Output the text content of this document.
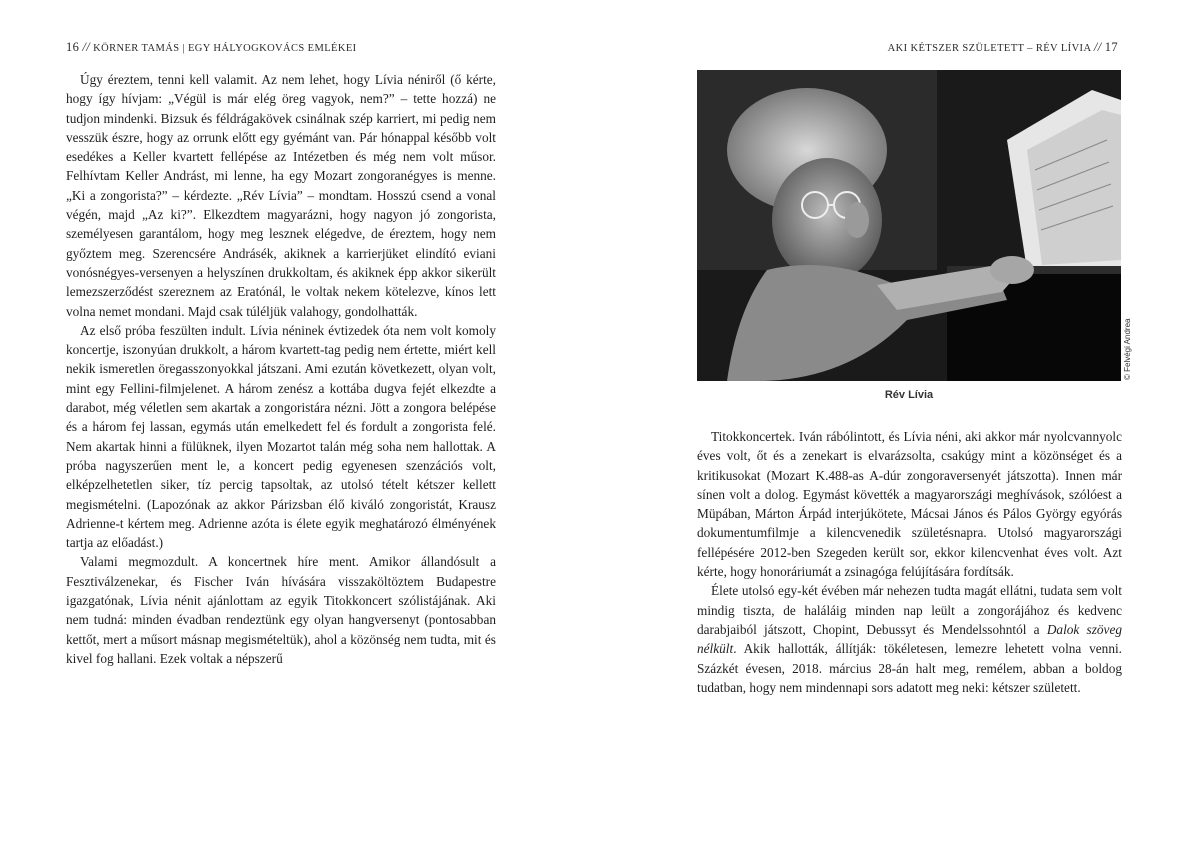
16 // KÖRNER TAMÁS | EGY HÁLYOGKOVÁCS EMLÉKEI

Úgy éreztem, tenni kell valamit. Az nem lehet, hogy Lívia néniről (ő kérte, hogy így hívjam: „Végül is már elég öreg vagyok, nem?” – tette hozzá) ne tudjon mindenki. Bizsuk és féldrágakövek csinálnak szép karriert, mi pedig nem vesszük észre, hogy az orrunk előtt egy gyémánt van. Pár hónappal később volt esedékes a Keller kvartett fellépése az Intézetben és még nem volt műsor. Felhívtam Keller Andrást, mi lenne, ha egy Mozart zongoranégyes is menne. „Ki a zongorista?” – kérdezte. „Rév Lívia” – mondtam. Hosszú csend a vonal végén, majd „Az ki?”. Elkezdtem magyarázni, hogy nagyon jó zongorista, személyesen garantálom, hogy meg lesznek elégedve, de éreztem, hogy nem győztem meg. Szerencsére Andrásék, akiknek a karrierjüket elindító eviani vonósnégyes-versenyen a helyszínen drukkoltam, és akiknek épp akkor sikerült lemezszerződést szereznem az Eratónál, le voltak nekem kötelezve, kínos lett volna nemet mondani. Majd csak túléljük valahogy, gondolhatták.

Az első próba feszülten indult. Lívia néninek évtizedek óta nem volt komoly koncertje, iszonyúan drukkolt, a három kvartett-tag pedig nem értette, miért kell nekik ismeretlen öregasszonyokkal játszani. Ami ezután következett, olyan volt, mint egy Fellini-filmjelenet. A három zenész a kottába dugva fejét elkezdte a darabot, még véletlen sem akartak a zongoristára nézni. Jött a zongora belépése és a három fej lassan, egymás után emelkedett fel és fordult a zongorista felé. Nem akartak hinni a fülüknek, ilyen Mozartot talán még soha nem hallottak. A próba nagyszerűen ment le, a koncert pedig egyenesen szenzációs volt, elképzelhetetlen siker, tíz percig tapsoltak, az utolsó tételt kétszer kellett megismételni. (Lapozónak az akkor Párizsban élő kiváló zongoristát, Krausz Adrienne-t kértem meg. Adrienne azóta is élete egyik meghatározó élményének tartja az előadást.)

Valami megmozdult. A koncertnek híre ment. Amikor állandósult a Fesztiválzenekar, és Fischer Iván hívására visszaköltöztem Budapestre igazgatónak, Lívia nénit ajánlottam az egyik Titokkoncert szólistájának. Aki nem tudná: minden évadban rendeztünk egy olyan hangversenyt (pontosabban kettőt, mert a műsort másnap megismételtük), ahol a közönség nem tudta, mit és kivel fog hallani. Ezek voltak a népszerű

AKI KÉTSZER SZÜLETETT – RÉV LÍVIA // 17
© Felvégi Andrea
Rév Lívia

Titokkoncertek. Iván rábólintott, és Lívia néni, aki akkor már nyolcvannyolc éves volt, őt és a zenekart is elvarázsolta, csakúgy mint a közönséget és a kritikusokat (Mozart K.488-as A-dúr zongoraversenyét játszotta). Innen már sínen volt a dolog. Egymást követték a magyarországi meghívások, szólóest a Müpában, Márton Árpád interjúkötete, Mácsai János és Pálos György egyórás dokumentumfilmje a kilencvenedik születésnapra. Utolsó magyarországi fellépésére 2012-ben Szegeden került sor, ekkor kilencvenhat éves volt. Azt kérte, hogy honoráriumát a zsinagóga felújítására fordítsák.

Élete utolsó egy-két évében már nehezen tudta magát ellátni, tudata sem volt mindig tiszta, de haláláig minden nap leült a zongorájához és kedvenc darabjaiból játszott, Chopint, Debussyt és Mendelssohntól a Dalok szöveg nélkült. Akik hallották, állítják: tökéletesen, lemezre lehetett volna venni. Százkét évesen, 2018. március 28-án halt meg, remélem, abban a boldog tudatban, hogy nem mindennapi sors adatott meg neki: kétszer született.
